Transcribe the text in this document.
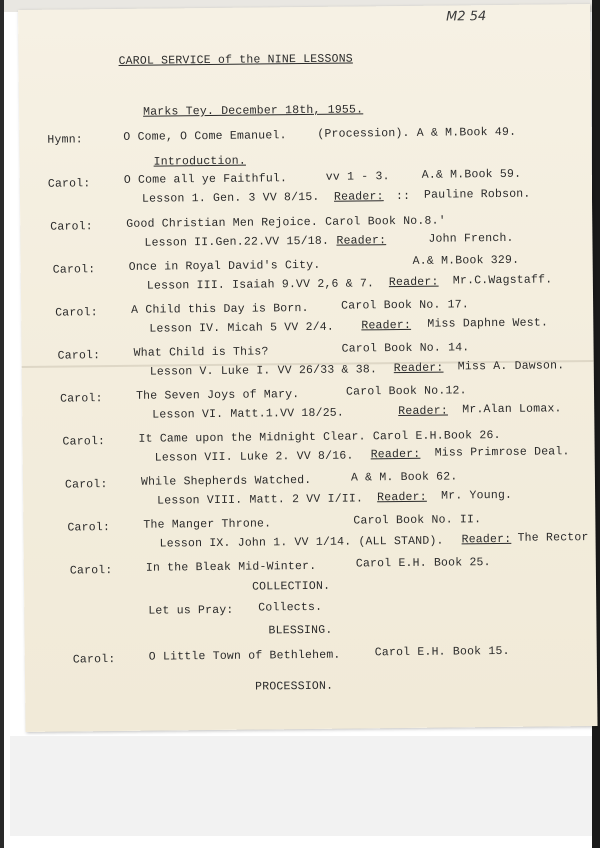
M2 54
CAROL SERVICE of the NINE LESSONS
Marks Tey. December 18th, 1955.
Hymn:	O Come, O Come Emanuel.	(Procession). A & M.Book 49.
Introduction.
Carol:	O Come all ye Faithful.	vv 1 - 3.	A.& M.Book 59.
Lesson 1. Gen. 3 VV 8/15. Reader: :: Pauline Robson.
Carol:	Good Christian Men Rejoice. Carol Book No.8.'
Lesson II.Gen.22.VV 15/18. Reader:	John French.
Carol:	Once in Royal David's City.	A.& M.Book 329.
Lesson III. Isaiah 9.VV 2,6 & 7. Reader: Mr.C.Wagstaff.
Carol:	A Child this Day is Born.	Carol Book No. 17.
Lesson IV. Micah 5 VV 2/4. Reader: Miss Daphne West.
Carol:	What Child is This?	Carol Book No. 14.
Lesson V. Luke I. VV 26/33 & 38. Reader: Miss A. Dawson.
Carol:	The Seven Joys of Mary.	Carol Book No.12.
Lesson VI. Matt.1.VV 18/25.	Reader: Mr.Alan Lomax.
Carol:	It Came upon the Midnight Clear. Carol E.H.Book 26.
Lesson VII. Luke 2. VV 8/16. Reader: Miss Primrose Deal.
Carol:	While Shepherds Watched.	A & M. Book 62.
Lesson VIII. Matt. 2 VV I/II. Reader: Mr. Young.
Carol:	The Manger Throne.	Carol Book No. II.
Lesson IX. John 1. VV 1/14. (ALL STAND). Reader: The Rector
Carol:	In the Bleak Mid-Winter.	Carol E.H. Book 25.
COLLECTION.
Let us Pray: Collects.
BLESSING.
Carol:	O Little Town of Bethlehem.	Carol E.H. Book 15.
PROCESSION.
